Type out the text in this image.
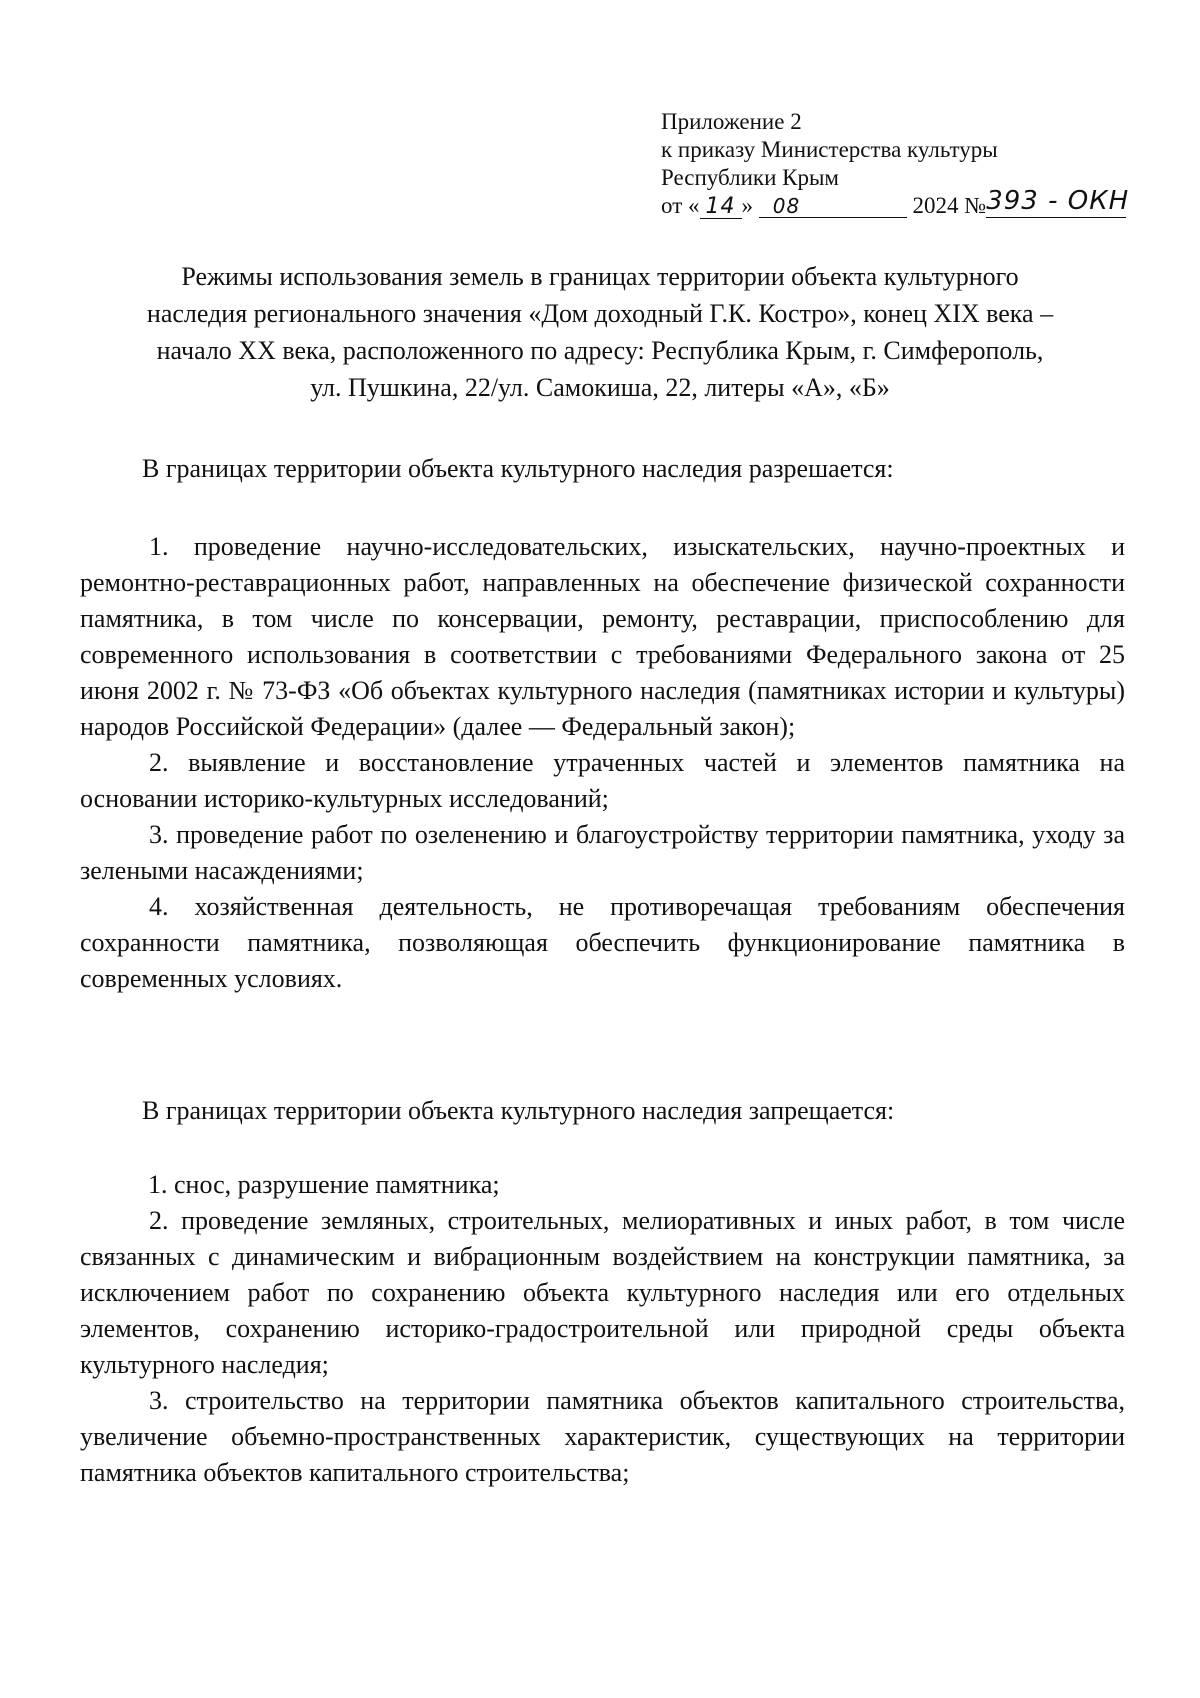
Приложение 2
к приказу Министерства культуры
Республики Крым
от « 14 » 08	2024 №393 - ОКН
Режимы использования земель в границах территории объекта культурного
наследия регионального значения «Дом доходный Г.К. Костро», конец XIX века –
начало XX века, расположенного по адресу: Республика Крым, г. Симферополь,
ул. Пушкина, 22/ул. Самокиша, 22, литеры «А», «Б»
В границах территории объекта культурного наследия разрешается:

1. проведение научно-исследовательских, изыскательских, научно-проектных и ремонтно-реставрационных работ, направленных на обеспечение физической сохранности памятника, в том числе по консервации, ремонту, реставрации, приспособлению для современного использования в соответствии с требованиями Федерального закона от 25 июня 2002 г. № 73-ФЗ «Об объектах культурного наследия (памятниках истории и культуры) народов Российской Федерации» (далее — Федеральный закон);

2. выявление и восстановление утраченных частей и элементов памятника на основании историко-культурных исследований;

3. проведение работ по озеленению и благоустройству территории памятника, уходу за зелеными насаждениями;

4. хозяйственная деятельность, не противоречащая требованиям обеспечения сохранности памятника, позволяющая обеспечить функционирование памятника в современных условиях.

В границах территории объекта культурного наследия запрещается:

1. снос, разрушение памятника;

2. проведение земляных, строительных, мелиоративных и иных работ, в том числе связанных с динамическим и вибрационным воздействием на конструкции памятника, за исключением работ по сохранению объекта культурного наследия или его отдельных элементов, сохранению историко-градостроительной или природной среды объекта культурного наследия;

3. строительство на территории памятника объектов капитального строительства, увеличение объемно-пространственных характеристик, существующих на территории памятника объектов капитального строительства;
